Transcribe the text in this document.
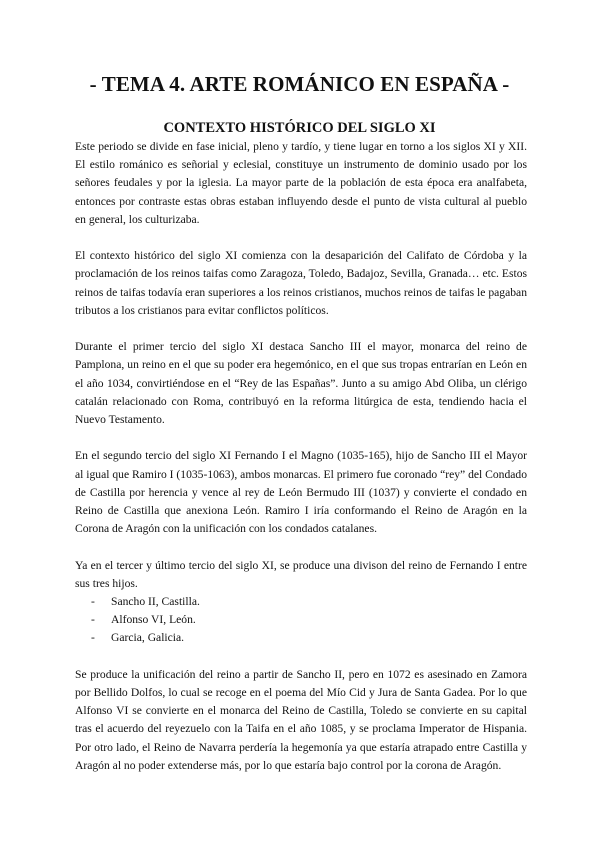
- TEMA 4. ARTE ROMÁNICO EN ESPAÑA -
CONTEXTO HISTÓRICO DEL SIGLO XI

Este periodo se divide en fase inicial, pleno y tardío, y tiene lugar en torno a los siglos XI y XII. El estilo románico es señorial y eclesial, constituye un instrumento de dominio usado por los señores feudales y por la iglesia. La mayor parte de la población de esta época era analfabeta, entonces por contraste estas obras estaban influyendo desde el punto de vista cultural al pueblo en general, los culturizaba.

El contexto histórico del siglo XI comienza con la desaparición del Califato de Córdoba y la proclamación de los reinos taifas como Zaragoza, Toledo, Badajoz, Sevilla, Granada… etc. Estos reinos de taifas todavía eran superiores a los reinos cristianos, muchos reinos de taifas le pagaban tributos a los cristianos para evitar conflictos políticos.

Durante el primer tercio del siglo XI destaca Sancho III el mayor, monarca del reino de Pamplona, un reino en el que su poder era hegemónico, en el que sus tropas entrarían en León en el año 1034, convirtiéndose en el “Rey de las Españas”. Junto a su amigo Abd Oliba, un clérigo catalán relacionado con Roma, contribuyó en la reforma litúrgica de esta, tendiendo hacia el Nuevo Testamento.

En el segundo tercio del siglo XI Fernando I el Magno (1035-165), hijo de Sancho III el Mayor al igual que Ramiro I (1035-1063), ambos monarcas. El primero fue coronado “rey” del Condado de Castilla por herencia y vence al rey de León Bermudo III (1037) y convierte el condado en Reino de Castilla que anexiona León. Ramiro I iría conformando el Reino de Aragón en la Corona de Aragón con la unificación con los condados catalanes.

Ya en el tercer y último tercio del siglo XI, se produce una divison del reino de Fernando I entre sus tres hijos.

- Sancho II, Castilla.
- Alfonso VI, León.
- Garcia, Galicia.

Se produce la unificación del reino a partir de Sancho II, pero en 1072 es asesinado en Zamora por Bellido Dolfos, lo cual se recoge en el poema del Mío Cid y Jura de Santa Gadea. Por lo que Alfonso VI se convierte en el monarca del Reino de Castilla, Toledo se convierte en su capital tras el acuerdo del reyezuelo con la Taifa en el año 1085, y se proclama Imperator de Hispania. Por otro lado, el Reino de Navarra perdería la hegemonía ya que estaría atrapado entre Castilla y Aragón al no poder extenderse más, por lo que estaría bajo control por la corona de Aragón.
